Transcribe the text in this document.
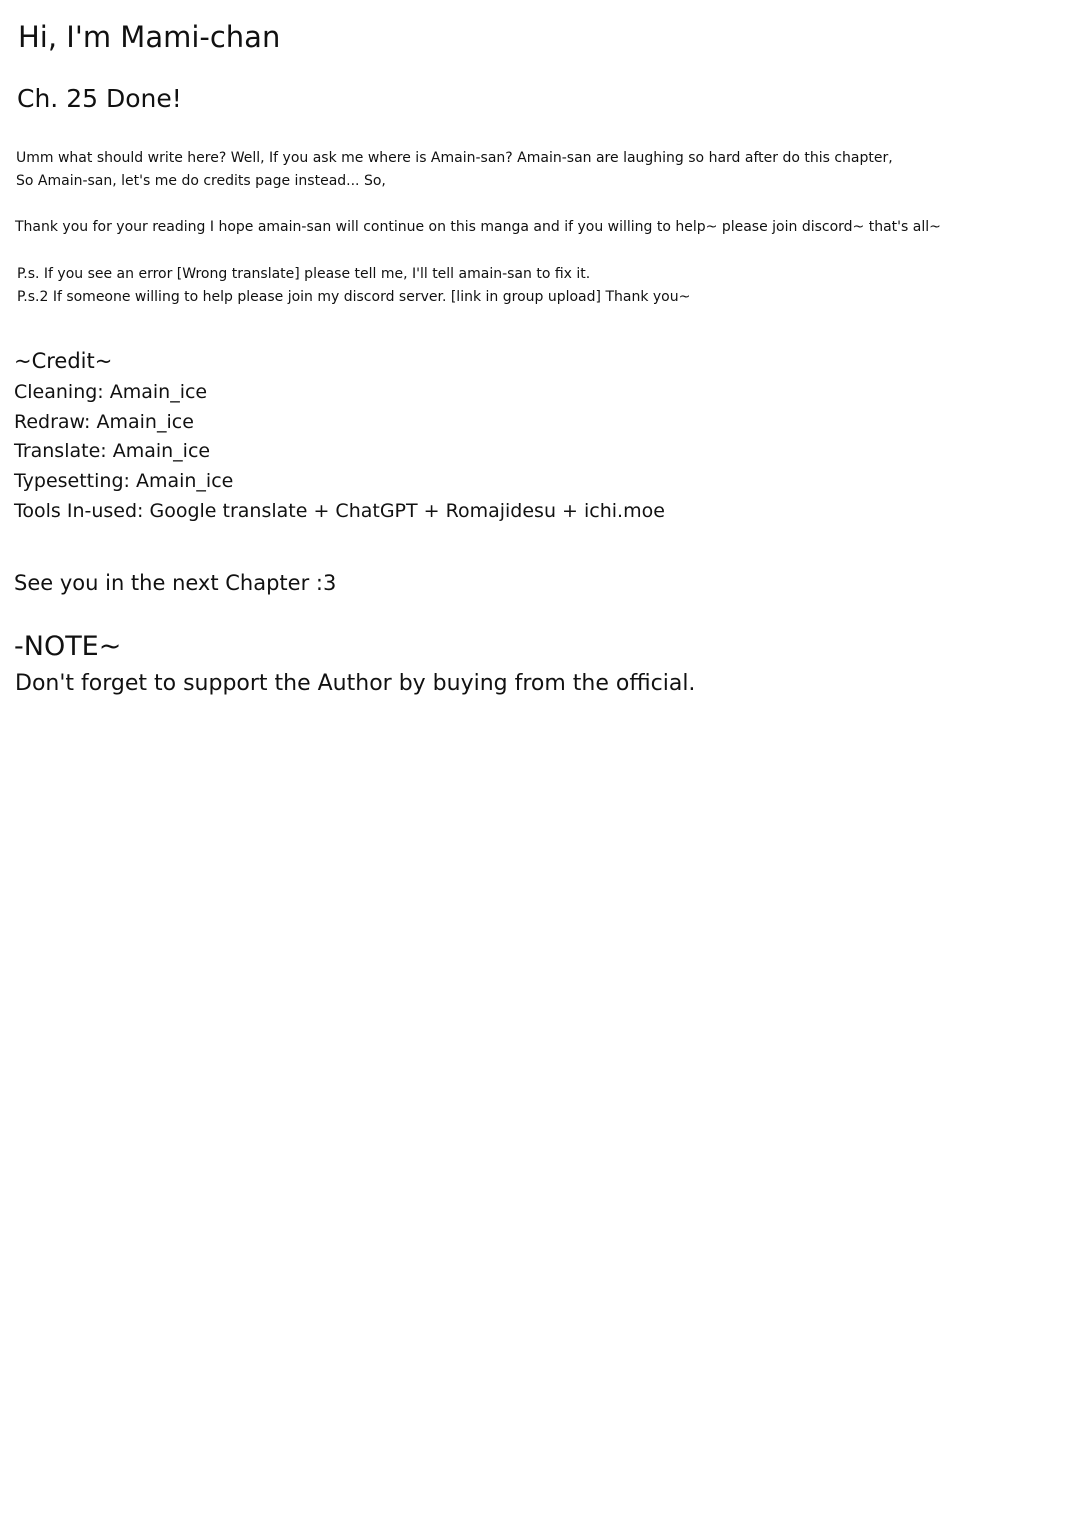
Hi, I'm Mami-chan
Ch. 25 Done!

Umm what should write here? Well, If you ask me where is Amain-san? Amain-san are laughing so hard after do this chapter,

So Amain-san, let's me do credits page instead... So,

Thank you for your reading I hope amain-san will continue on this manga and if you willing to help~ please join discord~ that's all~

P.s. If you see an error [Wrong translate] please tell me, I'll tell amain-san to fix it.

P.s.2 If someone willing to help please join my discord server. [link in group upload] Thank you~

~Credit~
Cleaning: Amain_ice
Redraw: Amain_ice
Translate: Amain_ice
Typesetting: Amain_ice
Tools In-used: Google translate + ChatGPT + Romajidesu + ichi.moe
See you in the next Chapter :3
-NOTE~
Don't forget to support the Author by buying from the official.
